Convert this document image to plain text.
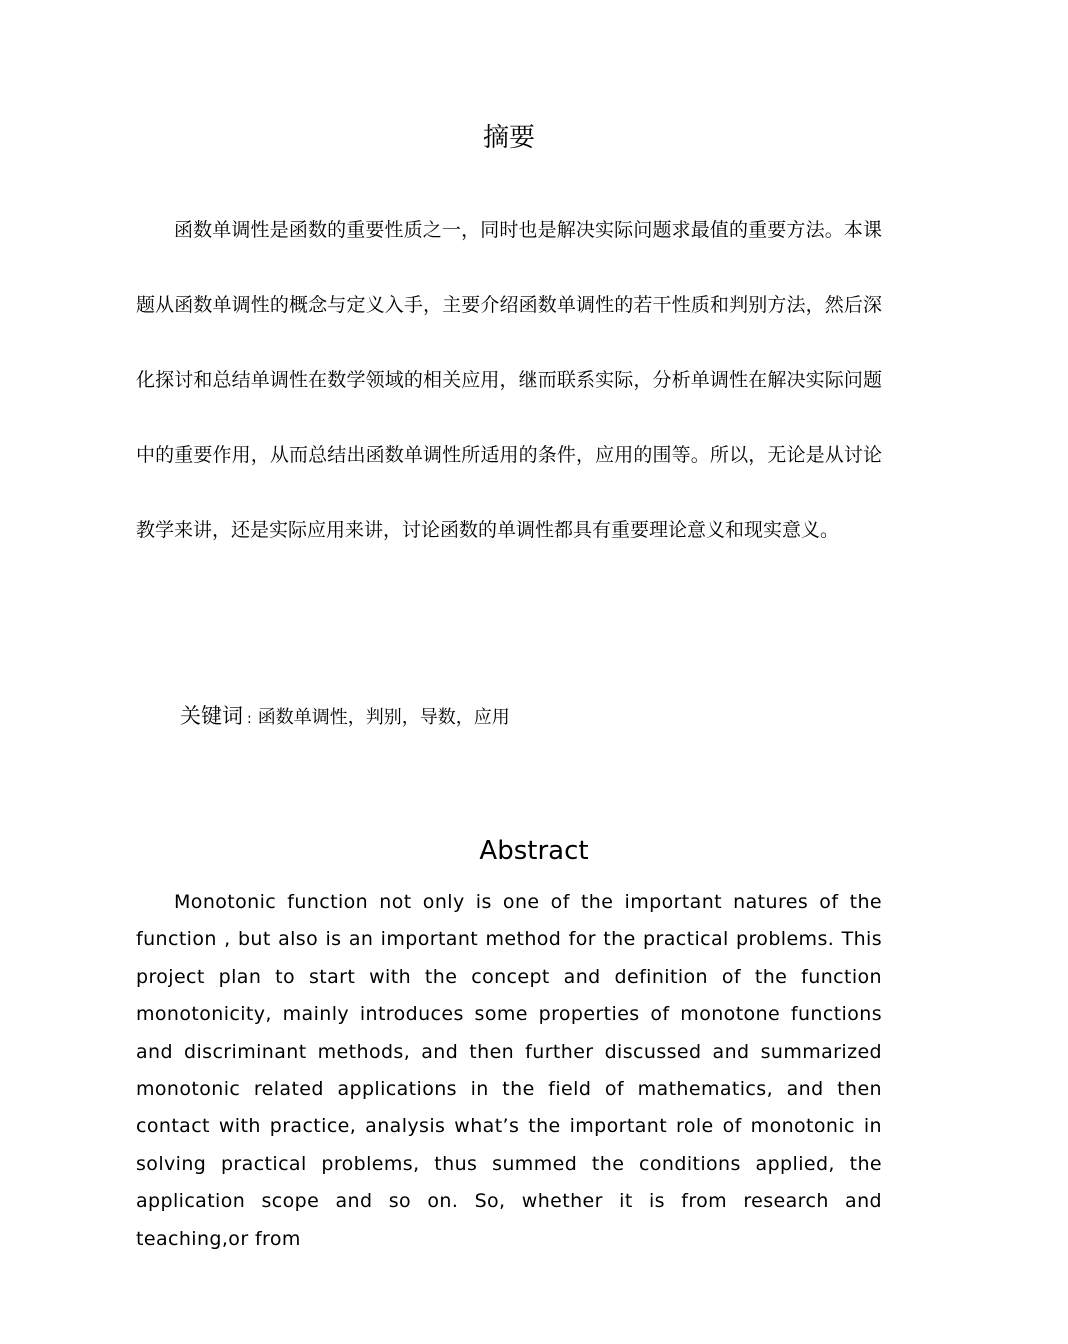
摘要

函数单调性是函数的重要性质之一，同时也是解决实际问题求最值的重要方法。本课题从函数单调性的概念与定义入手，主要介绍函数单调性的若干性质和判别方法，然后深化探讨和总结单调性在数学领域的相关应用，继而联系实际，分析单调性在解决实际问题中的重要作用，从而总结出函数单调性所适用的条件，应用的围等。所以，无论是从讨论教学来讲，还是实际应用来讲，讨论函数的单调性都具有重要理论意义和现实意义。

关键词 : 函数单调性，判别，导数，应用
Abstract

Monotonic function not only is one of the important natures of the function , but also is an important method for the practical problems. This project plan to start with the concept and definition of the function monotonicity, mainly introduces some properties of monotone functions and discriminant methods, and then further discussed and summarized monotonic related applications in the field of mathematics, and then contact with practice, analysis what’s the important role of monotonic in solving practical problems, thus summed the conditions applied, the application scope and so on. So, whether it is from research and teaching,or from
